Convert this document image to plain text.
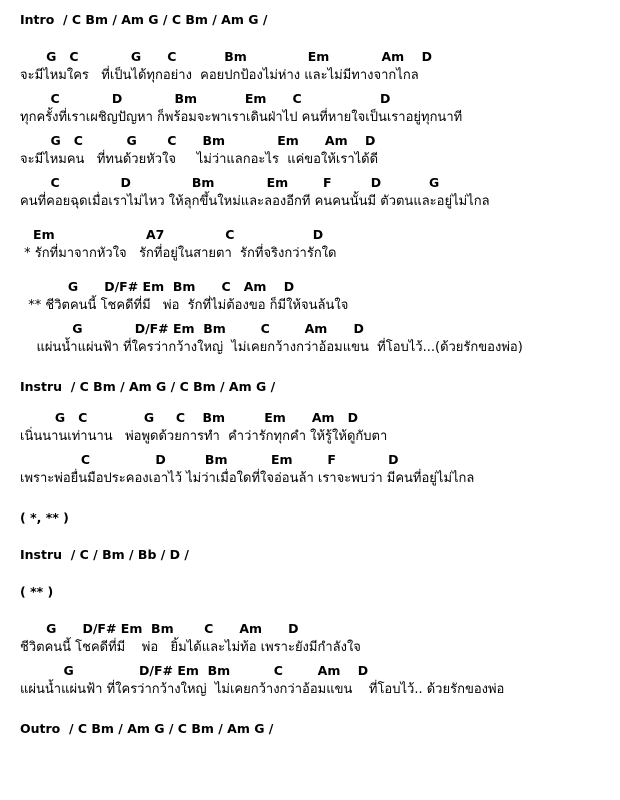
Intro  / C Bm / Am G / C Bm / Am G /
G   C            G      C           Bm              Em            Am    D
จะมีไหมใคร   ที่เป็นได้ทุกอย่าง  คอยปกป้องไม่ห่าง และไม่มีทางจากไกล
C            D            Bm           Em      C                  D
ทุกครั้งที่เราเผชิญปัญหา ก็พร้อมจะพาเราเดินฝ่าไป คนที่หายใจเป็นเราอยู่ทุกนาที
G   C          G       C      Bm            Em      Am    D
จะมีไหมคน   ที่ทนด้วยหัวใจ     ไม่ว่าแลกอะไร  แค่ขอให้เราได้ดี
C              D              Bm            Em        F         D           G
คนที่คอยฉุดเมื่อเราไม่ไหว ให้ลุกขึ้นใหม่และลองอีกที คนคนนั้นมี ตัวตนและอยู่ไม่ไกล
Em                     A7              C                  D
* รักที่มาจากหัวใจ   รักที่อยู่ในสายตา  รักที่จริงกว่ารักใด
G      D/F# Em  Bm      C   Am    D
** ชีวิตคนนี้ โชคดีที่มี   พ่อ  รักที่ไม่ต้องขอ ก็มีให้จนล้นใจ
G            D/F# Em  Bm        C        Am      D
แผ่นน้ำแผ่นฟ้า ที่ใครว่ากว้างใหญ่  ไม่เคยกว้างกว่าอ้อมแขน  ที่โอบไว้...(ด้วยรักของพ่อ)
Instru  / C Bm / Am G / C Bm / Am G /
G   C             G     C    Bm         Em      Am   D
เนิ่นนานเท่านาน   พ่อพูดด้วยการทำ  คำว่ารักทุกคำ ให้รู้ให้ดูกับตา
C               D         Bm          Em        F            D
เพราะพ่อยื่นมือประคองเอาไว้ ไม่ว่าเมื่อใดที่ใจอ่อนล้า เราจะพบว่า มีคนที่อยู่ไม่ไกล
( *, ** )
Instru  / C / Bm / Bb / D /
( ** )
G      D/F# Em  Bm       C      Am      D
ชีวิตคนนี้ โชคดีที่มี    พ่อ   ยิ้มได้และไม่ท้อ เพราะยังมีกำลังใจ
G               D/F# Em  Bm          C        Am    D
แผ่นน้ำแผ่นฟ้า ที่ใครว่ากว้างใหญ่  ไม่เคยกว้างกว่าอ้อมแขน    ที่โอบไว้.. ด้วยรักของพ่อ
Outro  / C Bm / Am G / C Bm / Am G /
